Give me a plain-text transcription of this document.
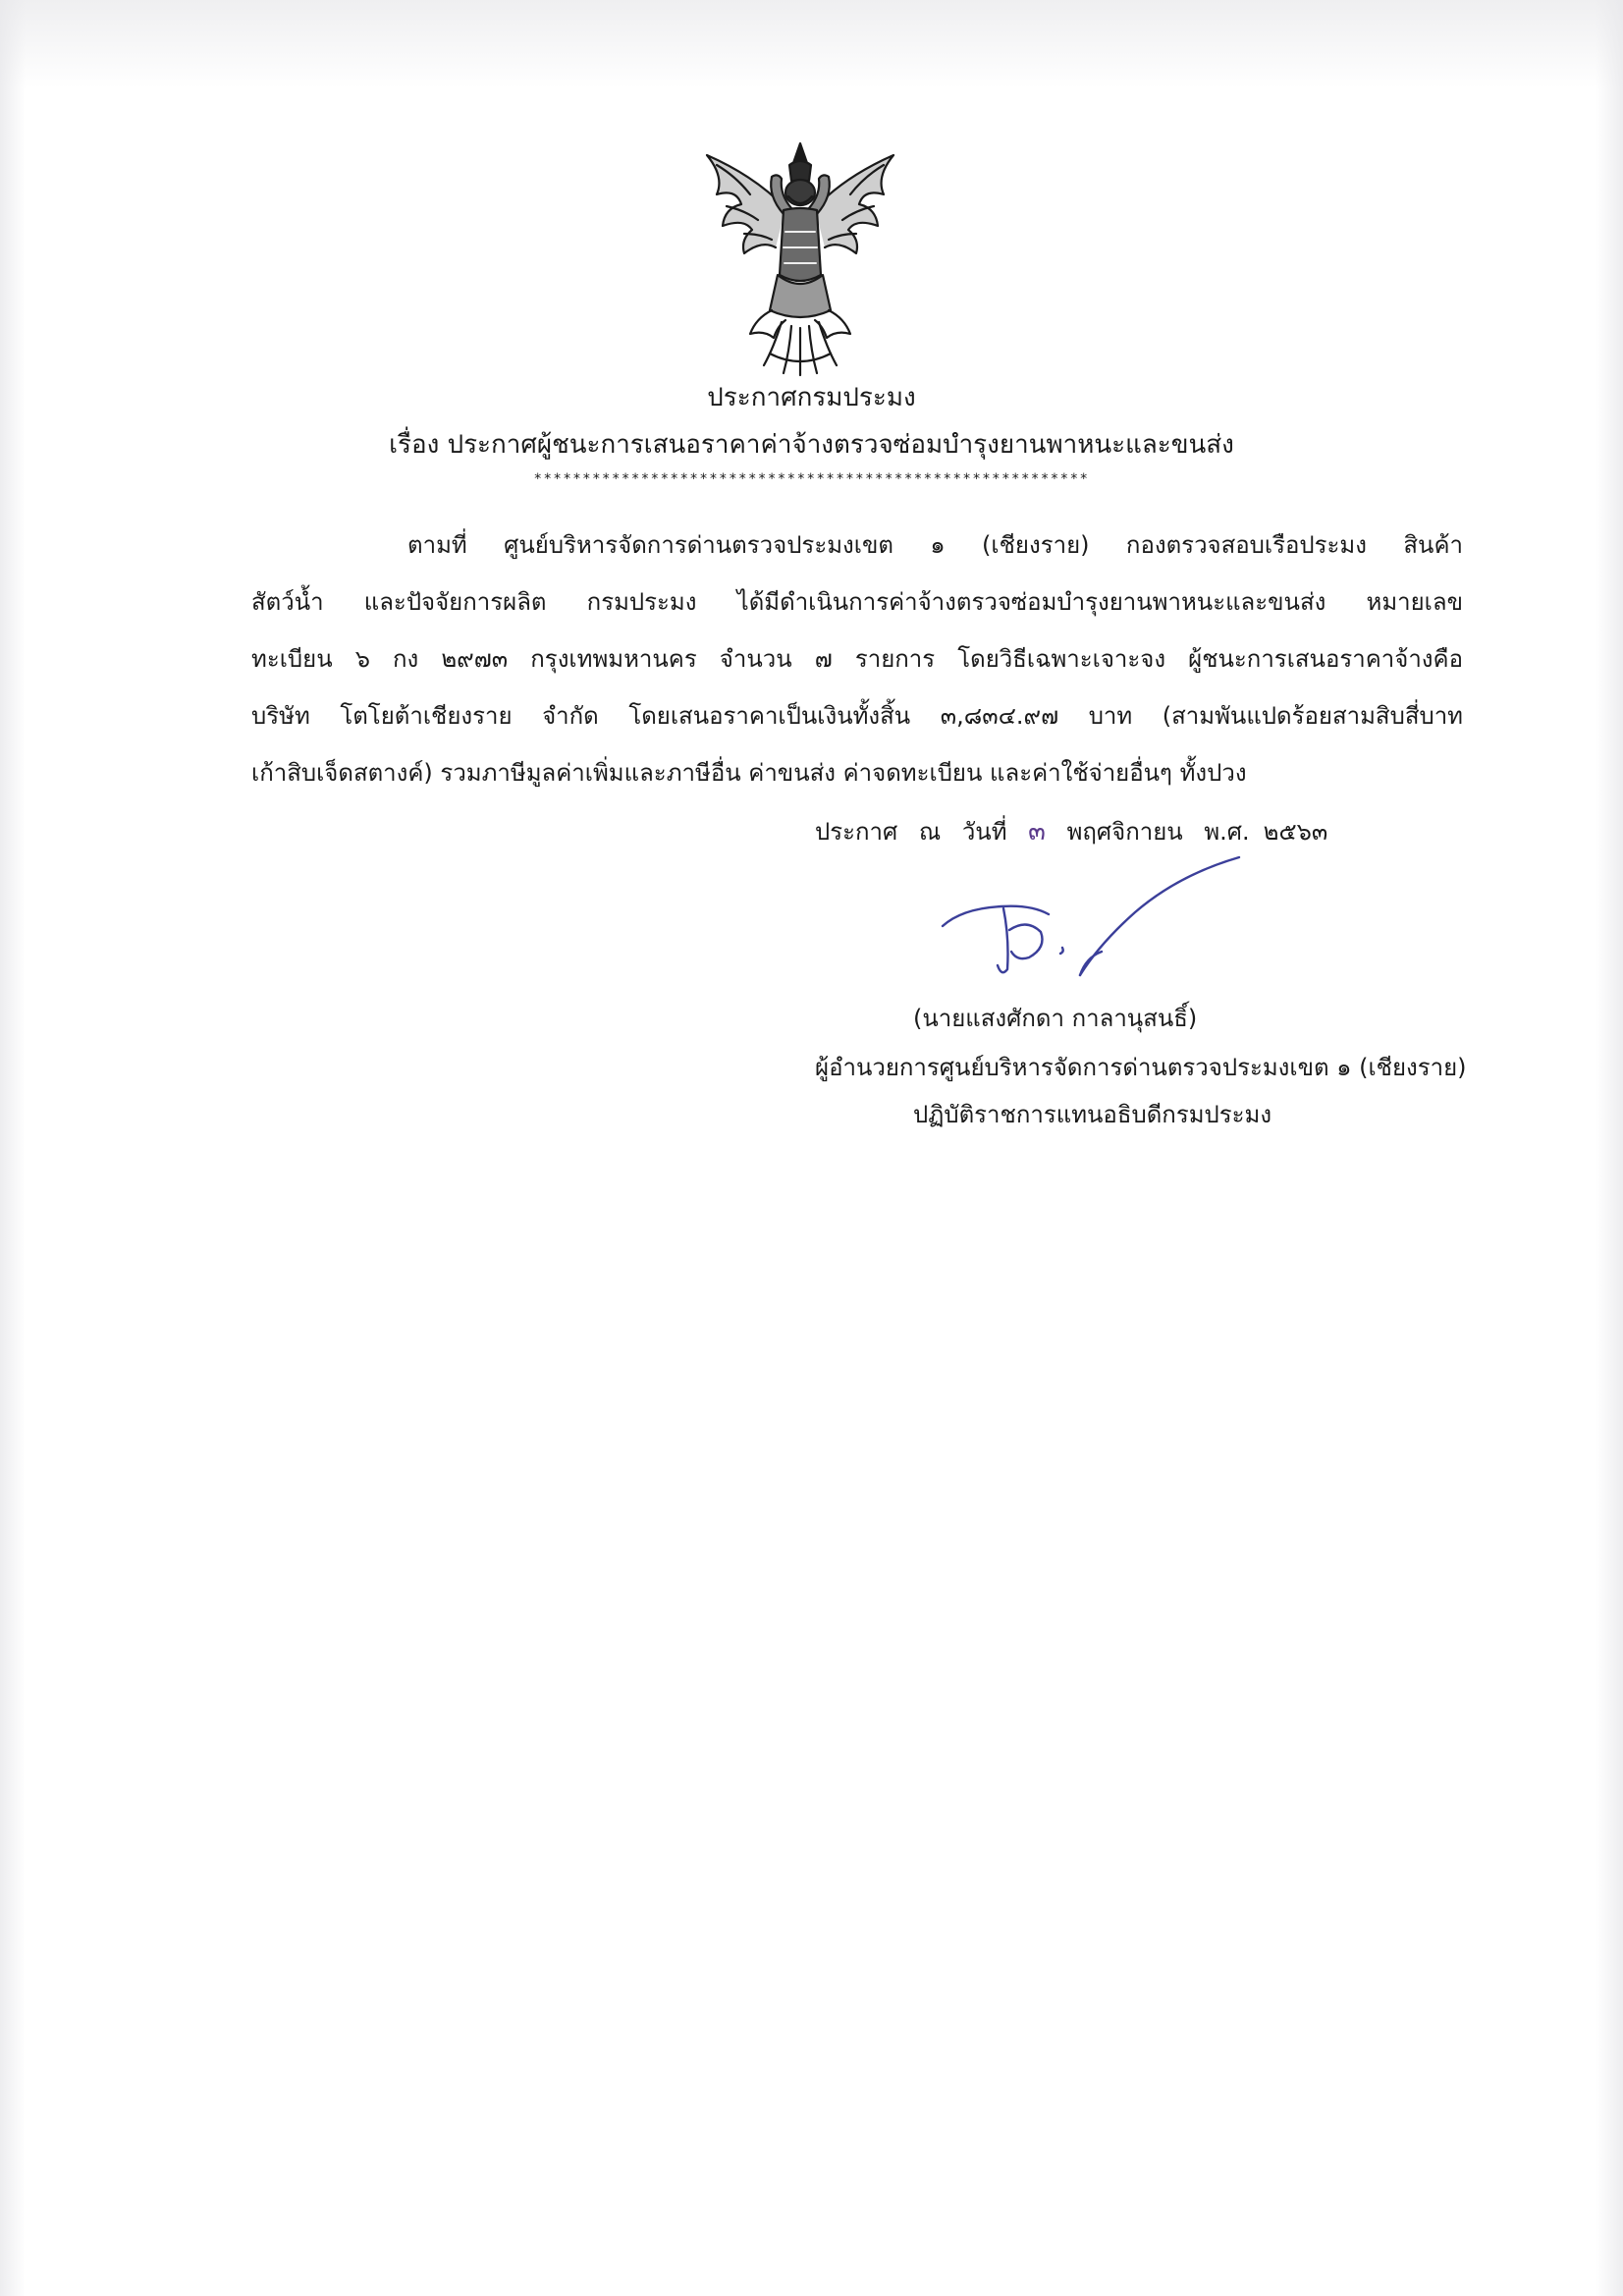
ประกาศกรมประมง
เรื่อง ประกาศผู้ชนะการเสนอราคาค่าจ้างตรวจซ่อมบำรุงยานพาหนะและขนส่ง
*********************************************************
ตามที่ ศูนย์บริหารจัดการด่านตรวจประมงเขต ๑ (เชียงราย) กองตรวจสอบเรือประมง สินค้า
สัตว์น้ำ และปัจจัยการผลิต กรมประมง ได้มีดำเนินการค่าจ้างตรวจซ่อมบำรุงยานพาหนะและขนส่ง หมายเลข
ทะเบียน ๖ กง ๒๙๗๓ กรุงเทพมหานคร จำนวน ๗ รายการ โดยวิธีเฉพาะเจาะจง ผู้ชนะการเสนอราคาจ้างคือ
บริษัท โตโยต้าเชียงราย จำกัด โดยเสนอราคาเป็นเงินทั้งสิ้น ๓,๘๓๔.๙๗ บาท (สามพันแปดร้อยสามสิบสี่บาท
เก้าสิบเจ็ดสตางค์) รวมภาษีมูลค่าเพิ่มและภาษีอื่น ค่าขนส่ง ค่าจดทะเบียน และค่าใช้จ่ายอื่นๆ ทั้งปวง
ประกาศ ณ วันที่ ๓ พฤศจิกายน พ.ศ. ๒๕๖๓
(นายแสงศักดา กาลานุสนธิ์)
ผู้อำนวยการศูนย์บริหารจัดการด่านตรวจประมงเขต ๑ (เชียงราย)
ปฏิบัติราชการแทนอธิบดีกรมประมง
